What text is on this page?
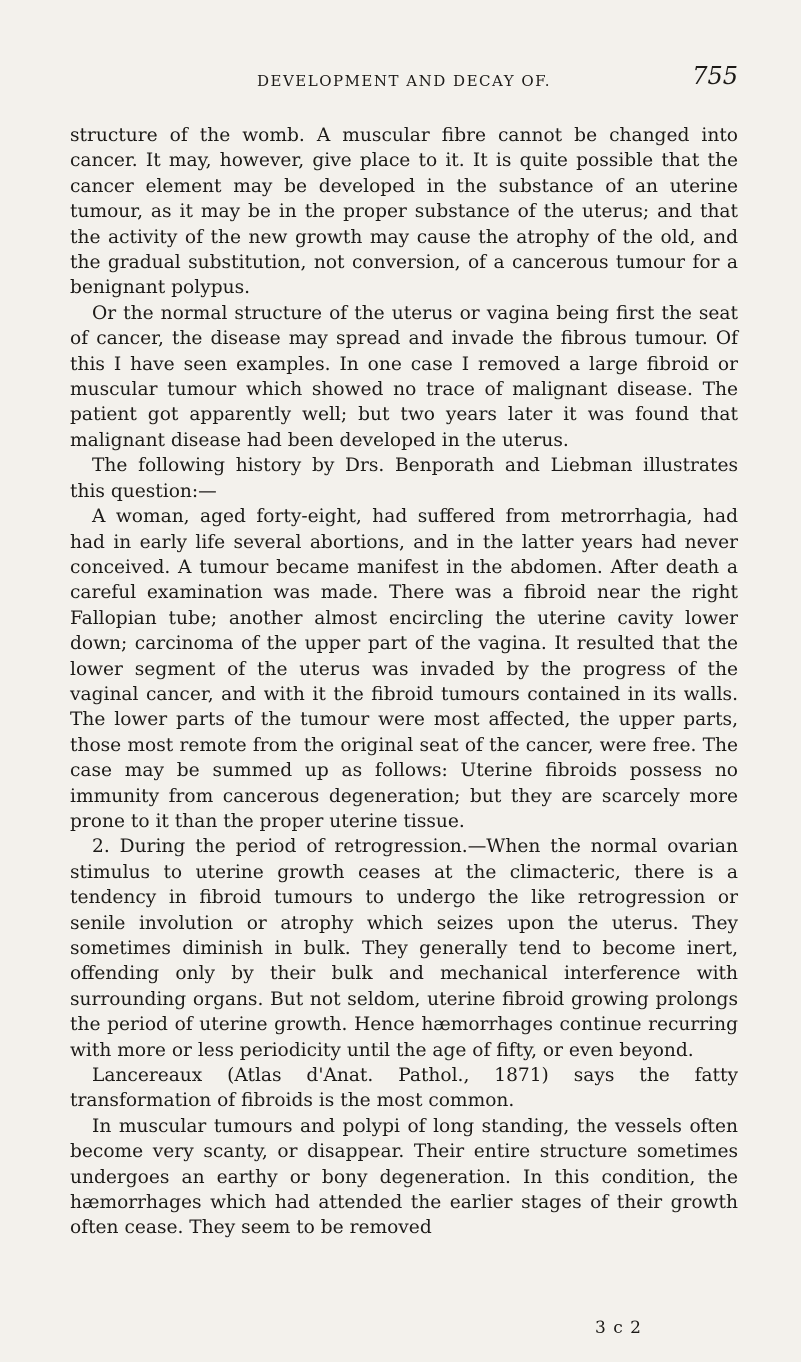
DEVELOPMENT AND DECAY OF.	755

structure of the womb. A muscular fibre cannot be changed into cancer. It may, however, give place to it. It is quite possible that the cancer element may be developed in the substance of an uterine tumour, as it may be in the proper substance of the uterus; and that the activity of the new growth may cause the atrophy of the old, and the gradual substitution, not conversion, of a cancerous tumour for a benignant polypus.

Or the normal structure of the uterus or vagina being first the seat of cancer, the disease may spread and invade the fibrous tumour. Of this I have seen examples. In one case I removed a large fibroid or muscular tumour which showed no trace of malignant disease. The patient got apparently well; but two years later it was found that malignant disease had been developed in the uterus.

The following history by Drs. Benporath and Liebman illustrates this question:—

A woman, aged forty-eight, had suffered from metrorrhagia, had had in early life several abortions, and in the latter years had never conceived. A tumour became manifest in the abdomen. After death a careful examination was made. There was a fibroid near the right Fallopian tube; another almost encircling the uterine cavity lower down; carcinoma of the upper part of the vagina. It resulted that the lower segment of the uterus was invaded by the progress of the vaginal cancer, and with it the fibroid tumours contained in its walls. The lower parts of the tumour were most affected, the upper parts, those most remote from the original seat of the cancer, were free. The case may be summed up as follows: Uterine fibroids possess no immunity from cancerous degeneration; but they are scarcely more prone to it than the proper uterine tissue.

2. During the period of retrogression.—When the normal ovarian stimulus to uterine growth ceases at the climacteric, there is a tendency in fibroid tumours to undergo the like retrogression or senile involution or atrophy which seizes upon the uterus. They sometimes diminish in bulk. They generally tend to become inert, offending only by their bulk and mechanical interference with surrounding organs. But not seldom, uterine fibroid growing prolongs the period of uterine growth. Hence hæmorrhages continue recurring with more or less periodicity until the age of fifty, or even beyond.

Lancereaux (Atlas d'Anat. Pathol., 1871) says the fatty transformation of fibroids is the most common.

In muscular tumours and polypi of long standing, the vessels often become very scanty, or disappear. Their entire structure sometimes undergoes an earthy or bony degeneration. In this condition, the hæmorrhages which had attended the earlier stages of their growth often cease. They seem to be removed

3 c 2
